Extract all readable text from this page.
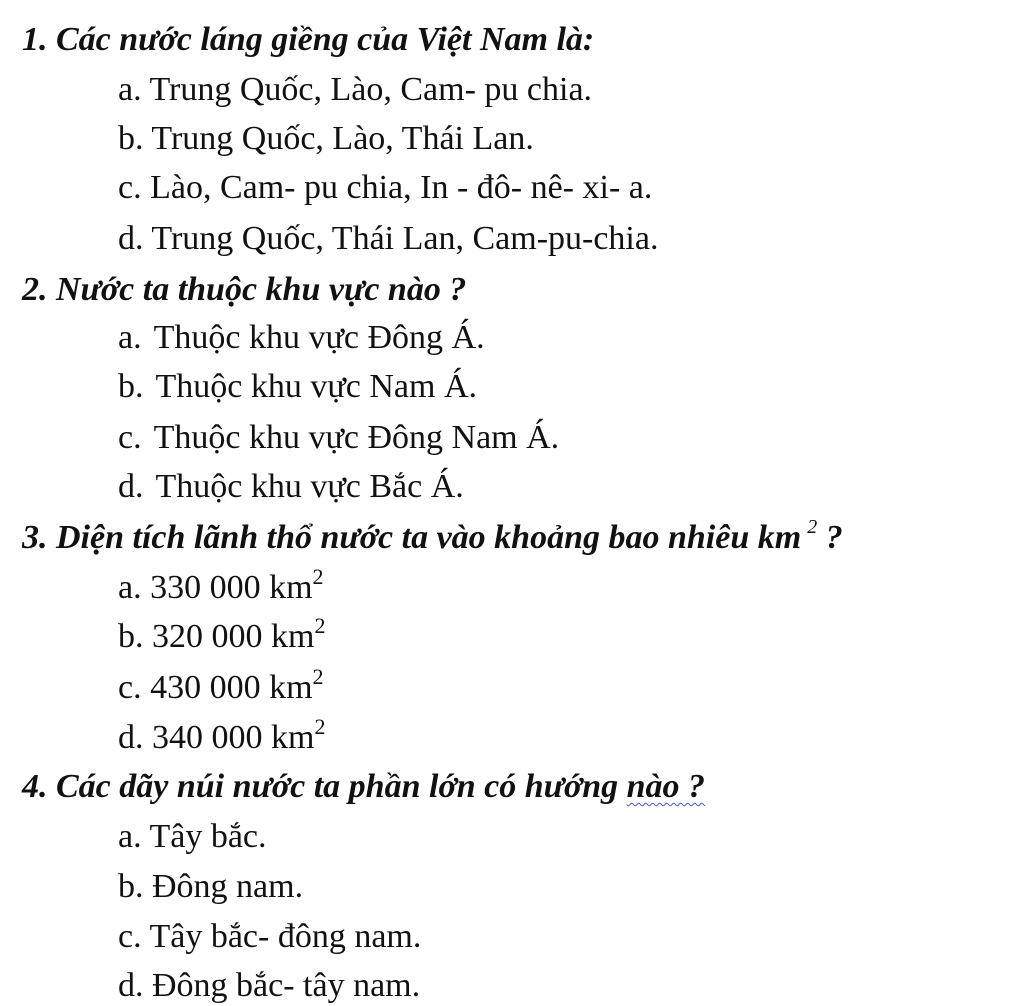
1. Các nước láng giềng của Việt Nam là:
a. Trung Quốc, Lào, Cam- pu chia.
b. Trung Quốc, Lào, Thái Lan.
c. Lào, Cam- pu chia, In - đô- nê- xi- a.
d. Trung Quốc, Thái Lan, Cam-pu-chia.
2. Nước ta thuộc khu vực nào ?
a. Thuộc khu vực Đông Á.
b. Thuộc khu vực Nam Á.
c. Thuộc khu vực Đông Nam Á.
d. Thuộc khu vực Bắc Á.
3. Diện tích lãnh thổ nước ta vào khoảng bao nhiêu km $^2$ ?
a. 330 000 $km^2$
b. 320 000 $km^2$
c. 430 000 $km^2$
d. 340 000 $km^2$
4. Các dãy núi nước ta phần lớn có hướng nào ?
a. Tây bắc.
b. Đông nam.
c. Tây bắc- đông nam.
d. Đông bắc- tây nam.
